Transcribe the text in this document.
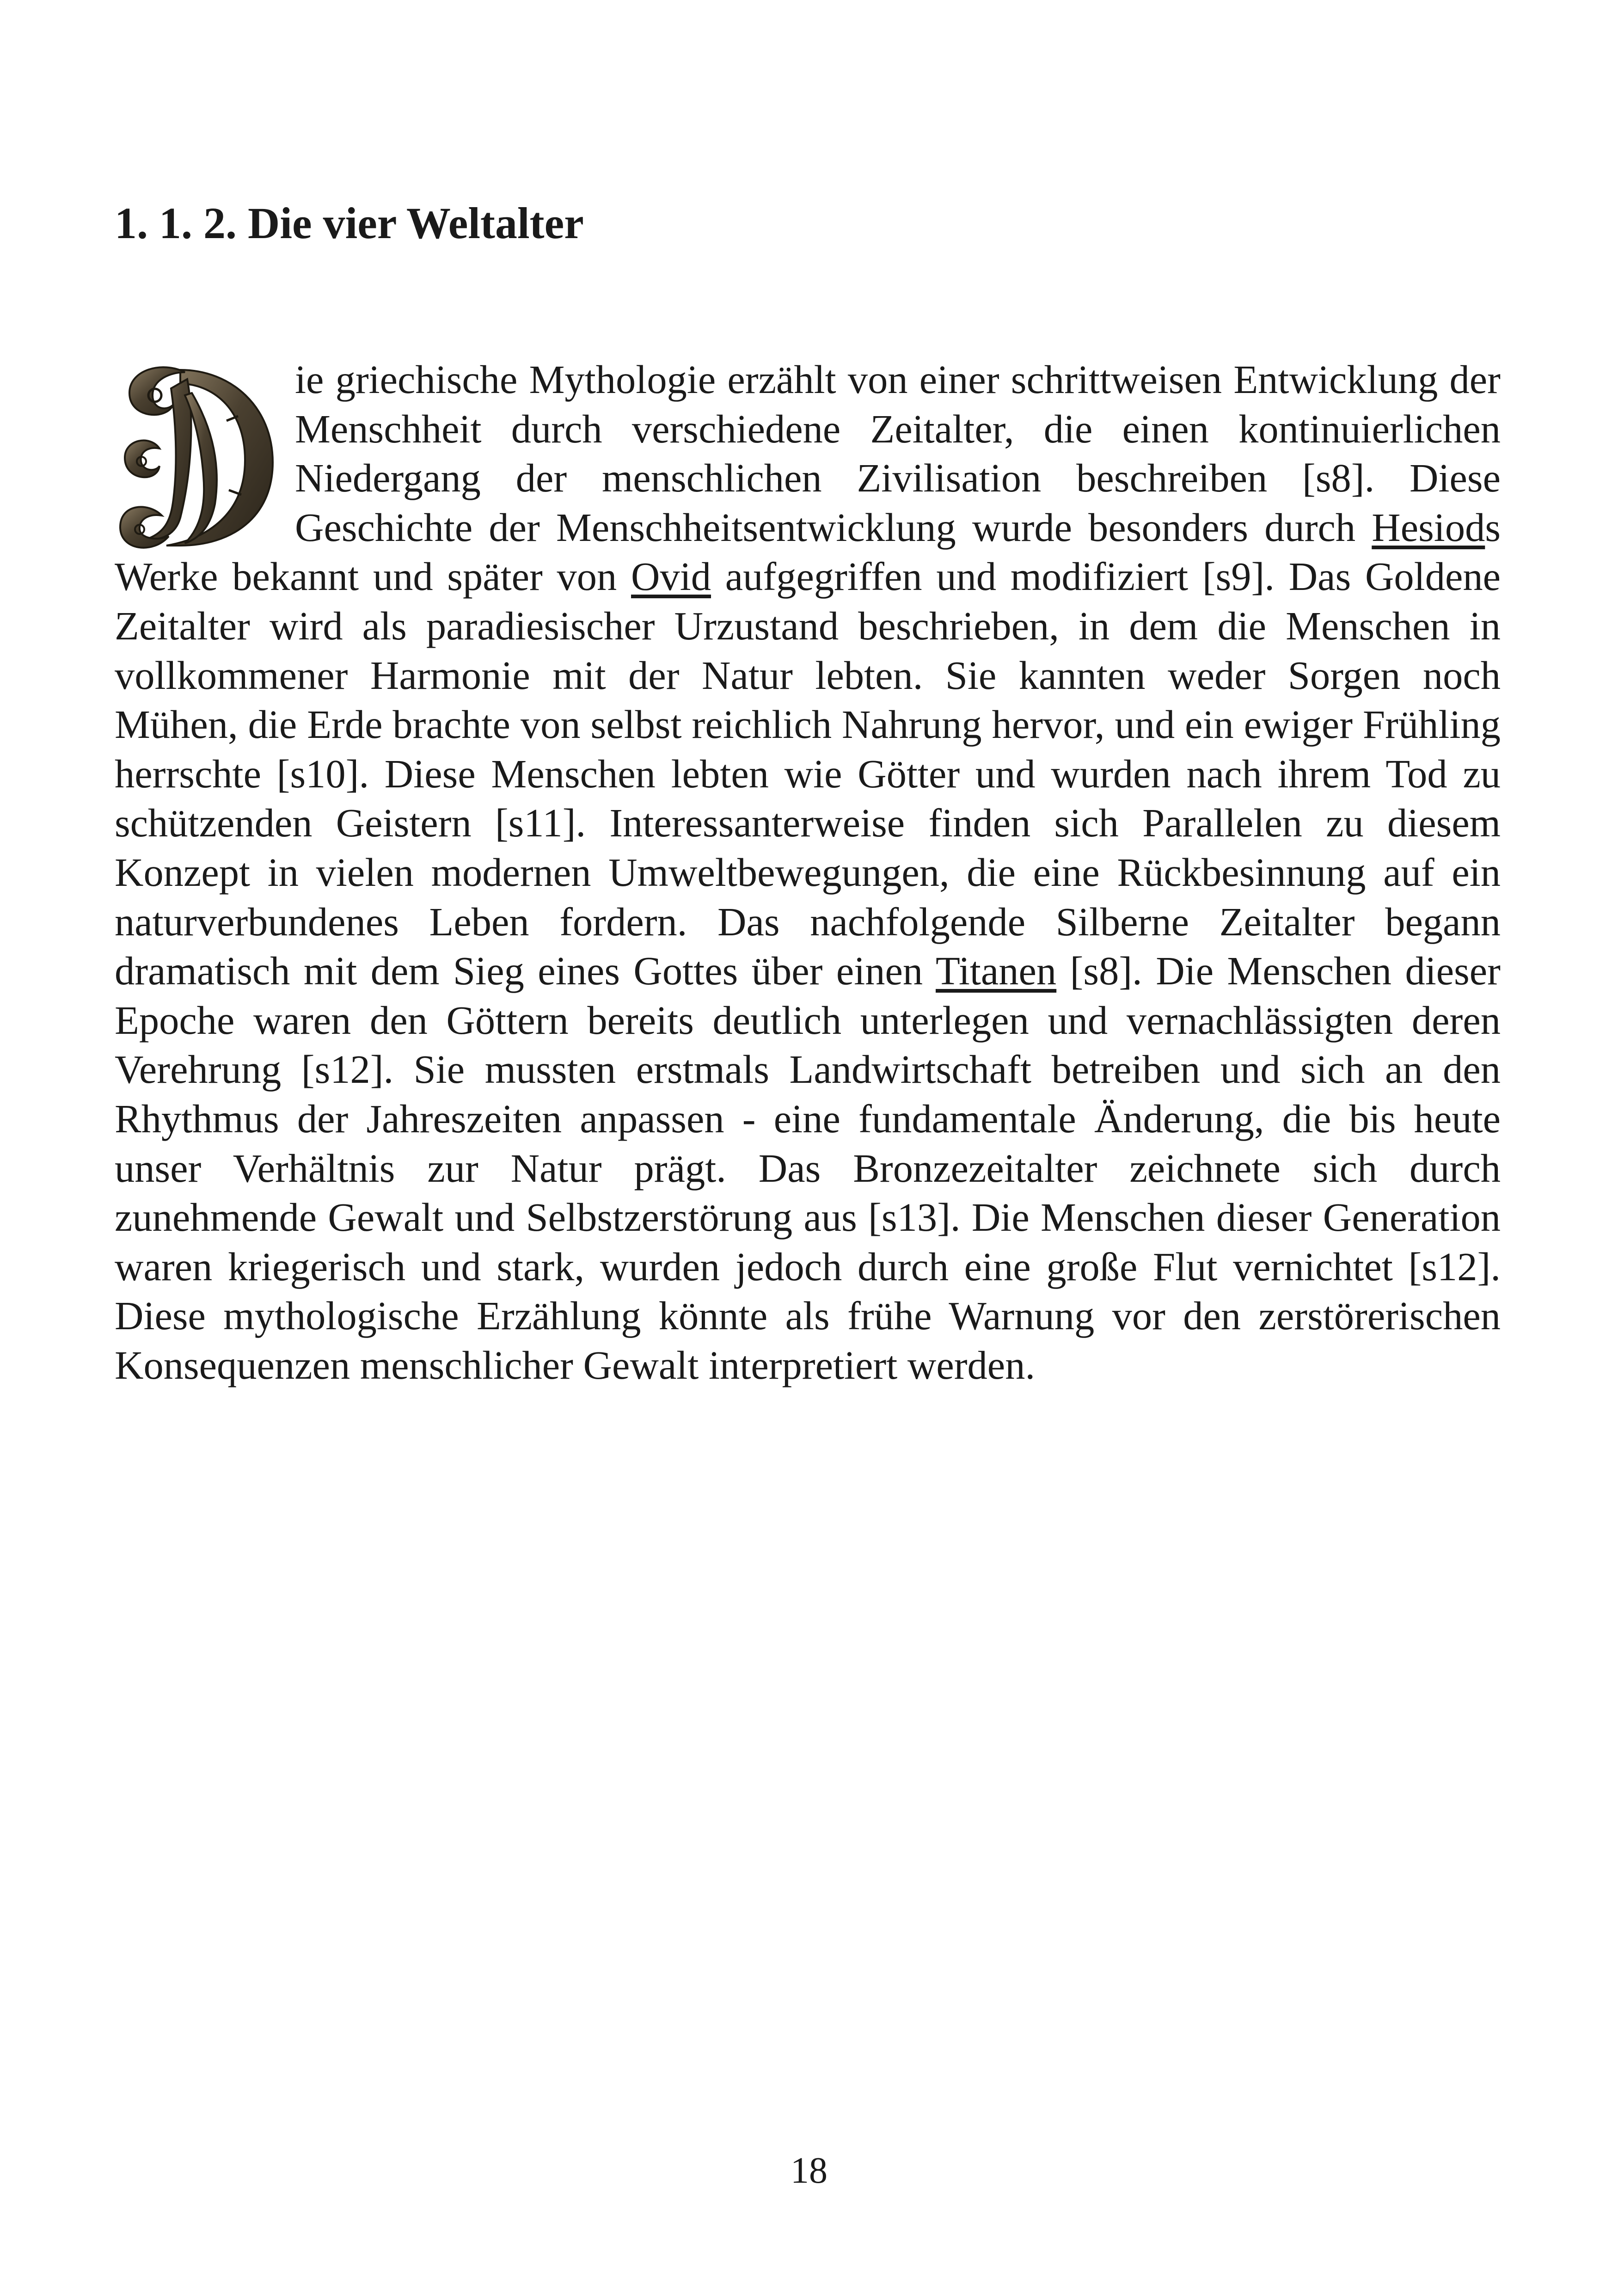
1. 1. 2. Die vier Weltalter

ie griechische Mythologie erzählt von einer schrittweisen Entwicklung der Menschheit durch verschiedene Zeitalter, die einen kontinuierlichen Niedergang der menschlichen Zivilisation beschreiben [s8]. Diese Geschichte der Menschheitsentwicklung wurde besonders durch Hesiods Werke bekannt und später von Ovid aufgegriffen und modifiziert [s9]. Das Goldene Zeitalter wird als paradiesischer Urzustand beschrieben, in dem die Menschen in vollkommener Harmonie mit der Natur lebten. Sie kannten weder Sorgen noch Mühen, die Erde brachte von selbst reichlich Nahrung hervor, und ein ewiger Frühling herrschte [s10]. Diese Menschen lebten wie Götter und wurden nach ihrem Tod zu schützenden Geistern [s11]. Interessanterweise finden sich Parallelen zu diesem Konzept in vielen modernen Umweltbewegungen, die eine Rückbesinnung auf ein naturverbundenes Leben fordern. Das nachfolgende Silberne Zeitalter begann dramatisch mit dem Sieg eines Gottes über einen Titanen [s8]. Die Menschen dieser Epoche waren den Göttern bereits deutlich unterlegen und vernachlässigten deren Verehrung [s12]. Sie mussten erstmals Landwirtschaft betreiben und sich an den Rhythmus der Jahreszeiten anpassen - eine fundamentale Änderung, die bis heute unser Verhältnis zur Natur prägt. Das Bronzezeitalter zeichnete sich durch zunehmende Gewalt und Selbstzerstörung aus [s13]. Die Menschen dieser Generation waren kriegerisch und stark, wurden jedoch durch eine große Flut vernichtet [s12]. Diese mythologische Erzählung könnte als frühe Warnung vor den zerstörerischen Konsequenzen menschlicher Gewalt interpretiert werden.

18
